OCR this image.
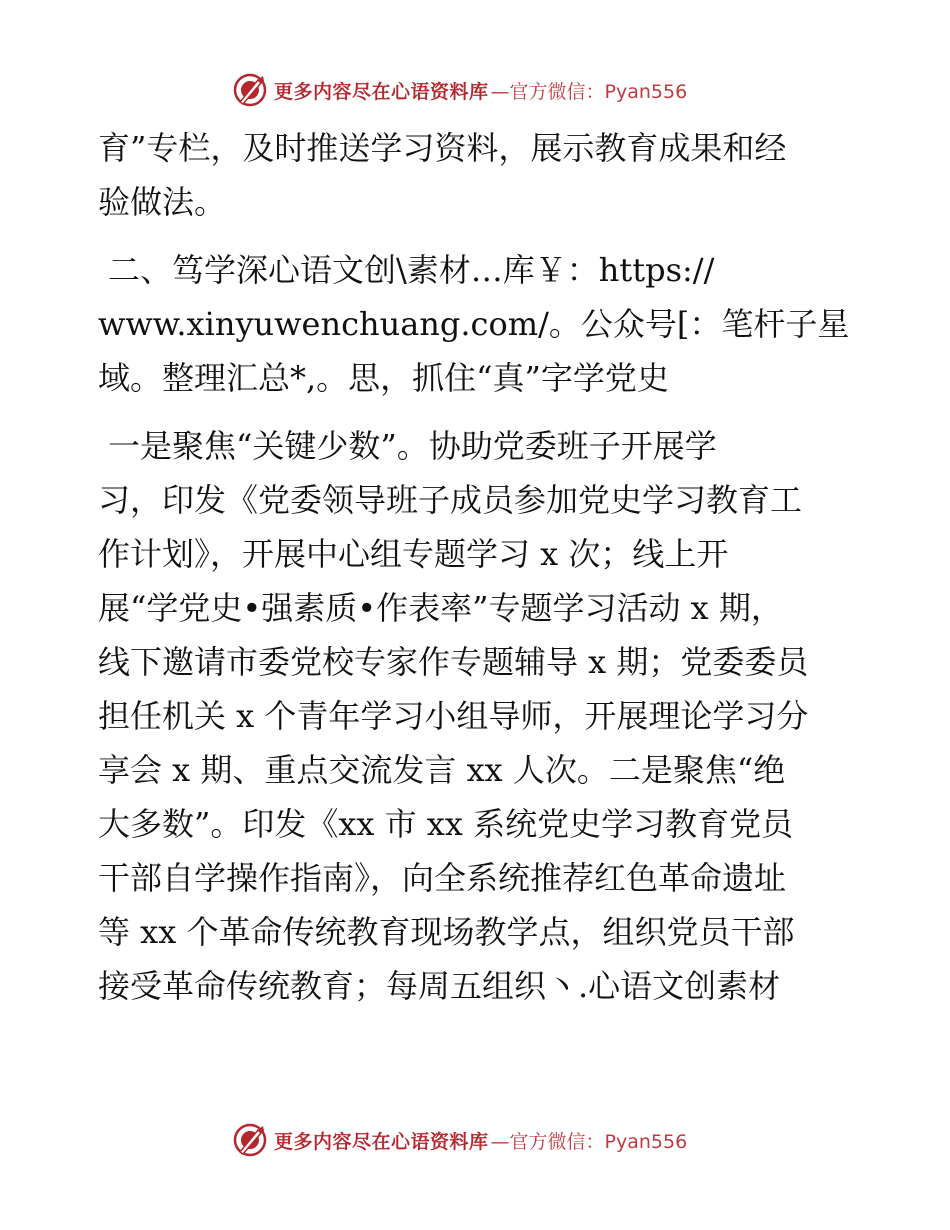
更多内容尽在心语资料库 —官方微信：Pyan556
育”专栏，及时推送学习资料，展示教育成果和经
验做法。
二、笃学深心语文创\素材…库￥：https://
www.xinyuwenchuang.com/。公众号[：笔杆子星
域。整理汇总*,。思，抓住“真”字学党史
一是聚焦“关键少数”。协助党委班子开展学
习，印发《党委领导班子成员参加党史学习教育工
作计划》，开展中心组专题学习 x 次；线上开
展“学党史•强素质•作表率”专题学习活动 x 期，
线下邀请市委党校专家作专题辅导 x 期；党委委员
担任机关 x 个青年学习小组导师，开展理论学习分
享会 x 期、重点交流发言 xx 人次。二是聚焦“绝
大多数”。印发《xx 市 xx 系统党史学习教育党员
干部自学操作指南》，向全系统推荐红色革命遗址
等 xx 个革命传统教育现场教学点，组织党员干部
接受革命传统教育；每周五组织丶.心语文创素材
更多内容尽在心语资料库 —官方微信：Pyan556
